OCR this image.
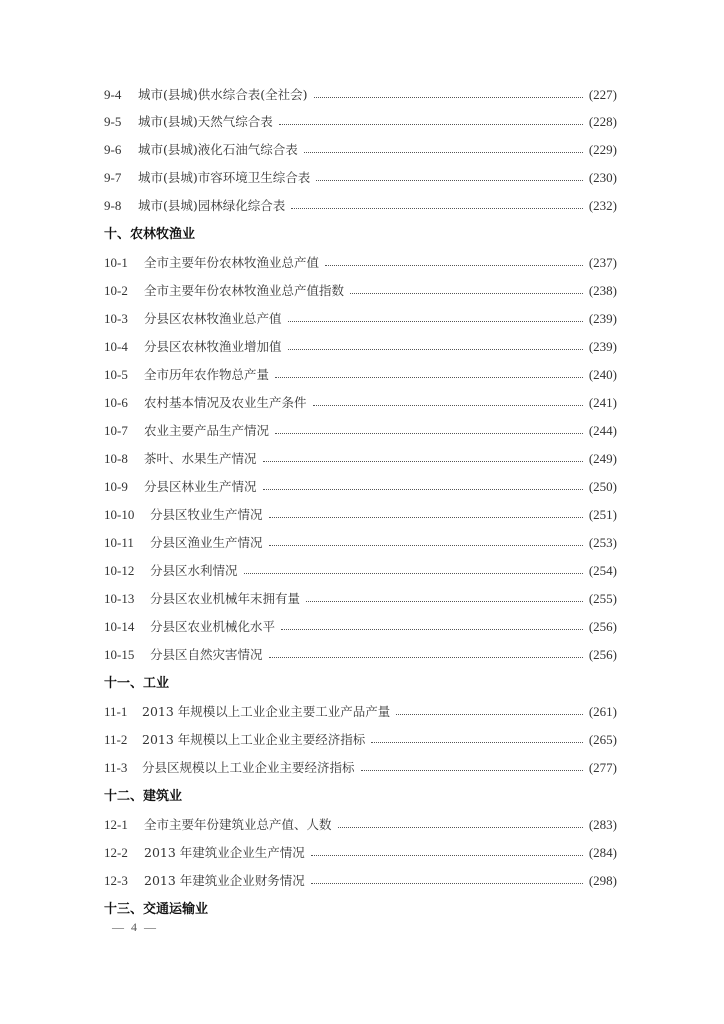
9-4	城市(县城)供水综合表(全社会)	(227)
9-5	城市(县城)天然气综合表	(228)
9-6	城市(县城)液化石油气综合表	(229)
9-7	城市(县城)市容环境卫生综合表	(230)
9-8	城市(县城)园林绿化综合表	(232)
十、农林牧渔业
10-1	全市主要年份农林牧渔业总产值	(237)
10-2	全市主要年份农林牧渔业总产值指数	(238)
10-3	分县区农林牧渔业总产值	(239)
10-4	分县区农林牧渔业增加值	(239)
10-5	全市历年农作物总产量	(240)
10-6	农村基本情况及农业生产条件	(241)
10-7	农业主要产品生产情况	(244)
10-8	茶叶、水果生产情况	(249)
10-9	分县区林业生产情况	(250)
10-10	分县区牧业生产情况	(251)
10-11	分县区渔业生产情况	(253)
10-12	分县区水利情况	(254)
10-13	分县区农业机械年末拥有量	(255)
10-14	分县区农业机械化水平	(256)
10-15	分县区自然灾害情况	(256)
十一、工业
11-1	2013 年规模以上工业企业主要工业产品产量	(261)
11-2	2013 年规模以上工业企业主要经济指标	(265)
11-3	分县区规模以上工业企业主要经济指标	(277)
十二、建筑业
12-1	全市主要年份建筑业总产值、人数	(283)
12-2	2013 年建筑业企业生产情况	(284)
12-3	2013 年建筑业企业财务情况	(298)
十三、交通运输业
— 4 —
